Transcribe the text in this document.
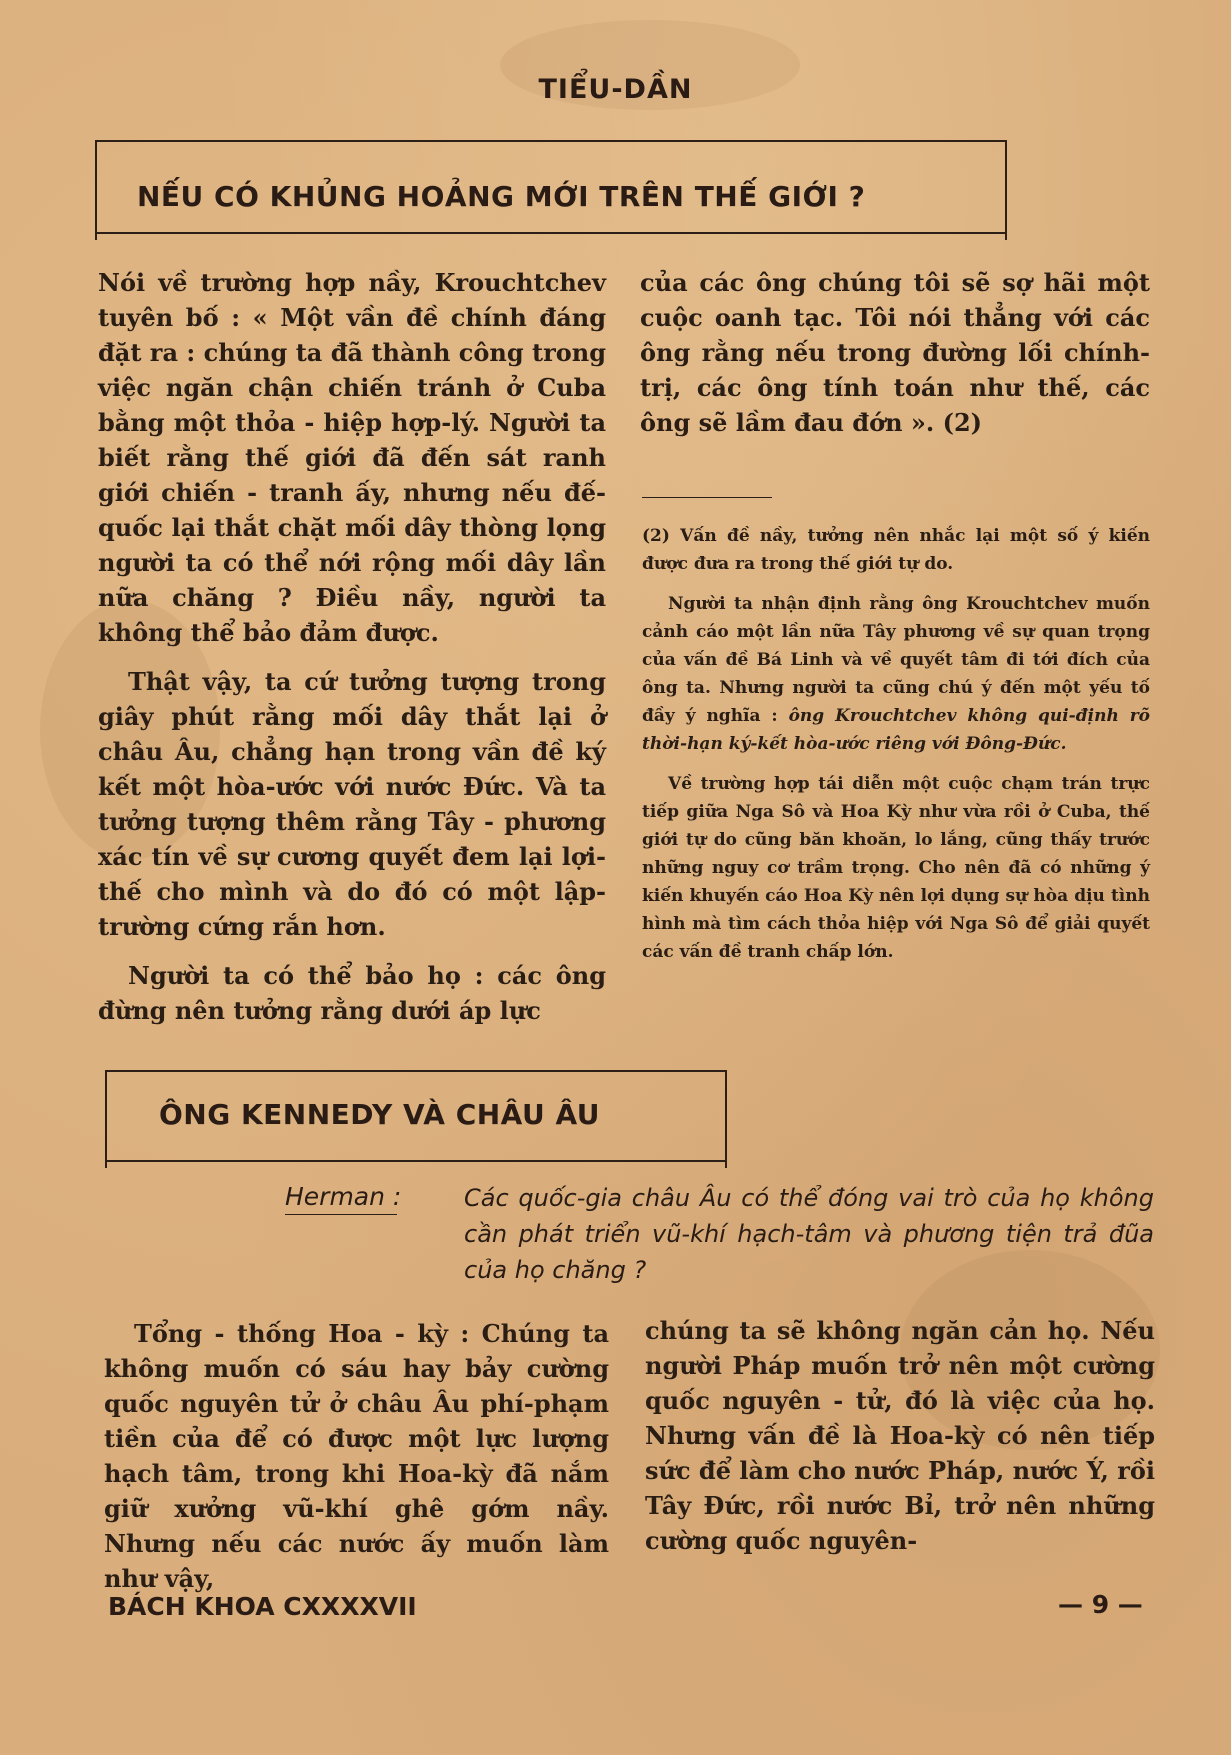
TIỂU-DẦN
NẾU CÓ KHỦNG HOẢNG MỚI TRÊN THẾ GIỚI ?

Nói về trường hợp nầy, Krouchtchev tuyên bố : « Một vần đề chính đáng đặt ra : chúng ta đã thành công trong việc ngăn chận chiến tránh ở Cuba bằng một thỏa - hiệp hợp-lý. Người ta biết rằng thế giới đã đến sát ranh giới chiến - tranh ấy, nhưng nếu đế-quốc lại thắt chặt mối dây thòng lọng người ta có thể nới rộng mối dây lần nữa chăng ? Điều nầy, người ta không thể bảo đảm được.

Thật vậy, ta cứ tưởng tượng trong giây phút rằng mối dây thắt lại ở châu Âu, chẳng hạn trong vần đề ký kết một hòa-ước với nước Đức. Và ta tưởng tượng thêm rằng Tây - phương xác tín về sự cương quyết đem lại lợi-thế cho mình và do đó có một lập-trường cứng rắn hơn.

Người ta có thể bảo họ : các ông đừng nên tưởng rằng dưới áp lực

của các ông chúng tôi sẽ sợ hãi một cuộc oanh tạc. Tôi nói thẳng với các ông rằng nếu trong đường lối chính-trị, các ông tính toán như thế, các ông sẽ lầm đau đớn ». (2)

(2) Vấn đề nầy, tưởng nên nhắc lại một số ý kiến được đưa ra trong thế giới tự do.

Người ta nhận định rằng ông Krouchtchev muốn cảnh cáo một lần nữa Tây phương về sự quan trọng của vấn đề Bá Linh và về quyết tâm đi tới đích của ông ta. Nhưng người ta cũng chú ý đến một yếu tố đầy ý nghĩa : ông Krouchtchev không qui-định rõ thời-hạn ký-kết hòa-ước riêng với Đông-Đức.

Về trường hợp tái diễn một cuộc chạm trán trực tiếp giữa Nga Sô và Hoa Kỳ như vừa rồi ở Cuba, thế giới tự do cũng băn khoăn, lo lắng, cũng thấy trước những nguy cơ trầm trọng. Cho nên đã có những ý kiến khuyến cáo Hoa Kỳ nên lợi dụng sự hòa dịu tình hình mà tìm cách thỏa hiệp với Nga Sô để giải quyết các vấn đề tranh chấp lớn.

ÔNG KENNEDY VÀ CHÂU ÂU
Herman :	Các quốc-gia châu Âu có thể đóng vai trò của họ không cần phát triển vũ-khí hạch-tâm và phương tiện trả đũa của họ chăng ?

Tổng - thống Hoa - kỳ : Chúng ta không muốn có sáu hay bảy cường quốc nguyên tử ở châu Âu phí-phạm tiền của để có được một lực lượng hạch tâm, trong khi Hoa-kỳ đã nắm giữ xưởng vũ-khí ghê gớm nầy. Nhưng nếu các nước ấy muốn làm như vậy,

chúng ta sẽ không ngăn cản họ. Nếu người Pháp muốn trở nên một cường quốc nguyên - tử, đó là việc của họ. Nhưng vấn đề là Hoa-kỳ có nên tiếp sức để làm cho nước Pháp, nước Ý, rồi Tây Đức, rồi nước Bỉ, trở nên những cường quốc nguyên-

BÁCH KHOA CXXXXVII	— 9 —
